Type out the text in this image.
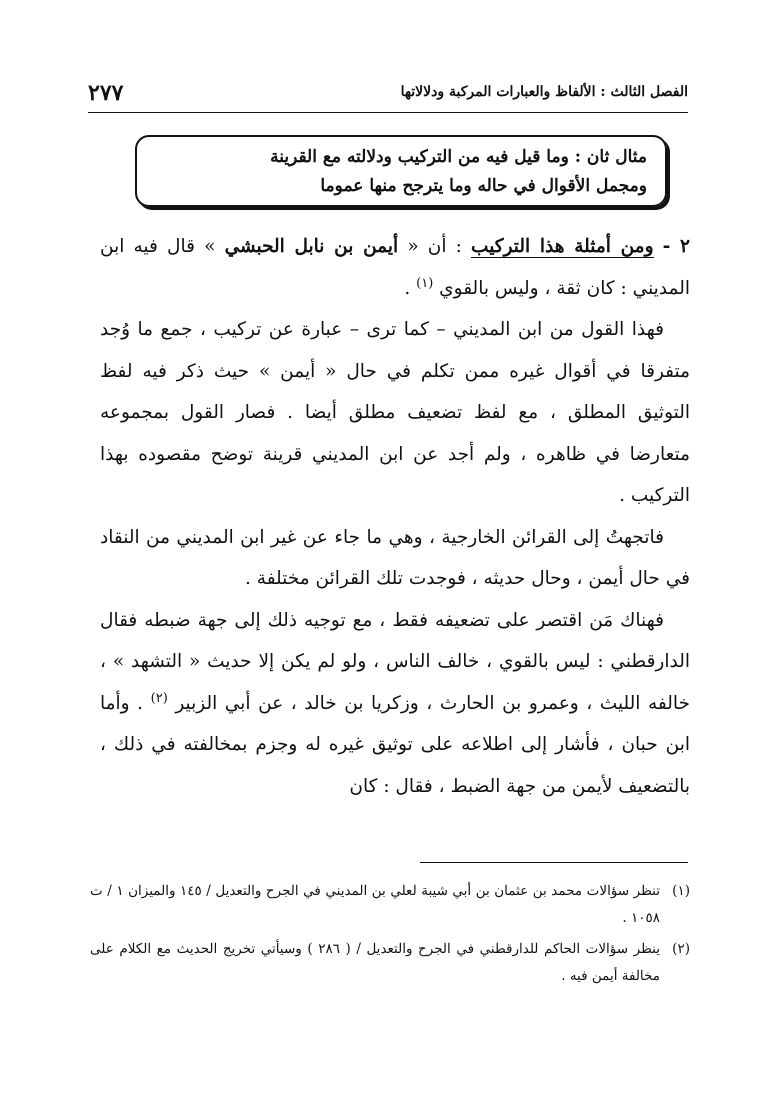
الفصل الثالث : الألفاظ والعبارات المركبة ودلالاتها
٢٧٧
مثال ثان : وما قيل فيه من التركيب ودلالته مع القرينة
ومجمل الأقوال في حاله وما يترجح منها عموما

٢ - ومن أمثلة هذا التركيب : أن « أيمن بن نابل الحبشي » قال فيه ابن المديني : كان ثقة ، وليس بالقوي $^{(١)}$ .

فهذا القول من ابن المديني – كما ترى – عبارة عن تركيب ، جمع ما وُجد متفرقا في أقوال غيره ممن تكلم في حال « أيمن » حيث ذكر فيه لفظ التوثيق المطلق ، مع لفظ تضعيف مطلق أيضا . فصار القول بمجموعه متعارضا في ظاهره ، ولم أجد عن ابن المديني قرينة توضح مقصوده بهذا التركيب .

فاتجهتُ إلى القرائن الخارجية ، وهي ما جاء عن غير ابن المديني من النقاد في حال أيمن ، وحال حديثه ، فوجدت تلك القرائن مختلفة .

فهناك مَن اقتصر على تضعيفه فقط ، مع توجيه ذلك إلى جهة ضبطه فقال الدارقطني : ليس بالقوي ، خالف الناس ، ولو لم يكن إلا حديث « التشهد » ، خالفه الليث ، وعمرو بن الحارث ، وزكريا بن خالد ، عن أبي الزبير $^{(٢)}$ . وأما ابن حبان ، فأشار إلى اطلاعه على توثيق غيره له وجزم بمخالفته في ذلك ، بالتضعيف لأيمن من جهة الضبط ، فقال : كان

(١)
تنظر سؤالات محمد بن عثمان بن أبي شيبة لعلي بن المديني في الجرح والتعديل / ١٤٥ والميزان ١ / ت ١٠٥٨ .

(٢)
ينظر سؤالات الحاكم للدارقطني في الجرح والتعديل / ( ٢٨٦ ) وسيأتي تخريج الحديث مع الكلام على مخالفة أيمن فيه .
